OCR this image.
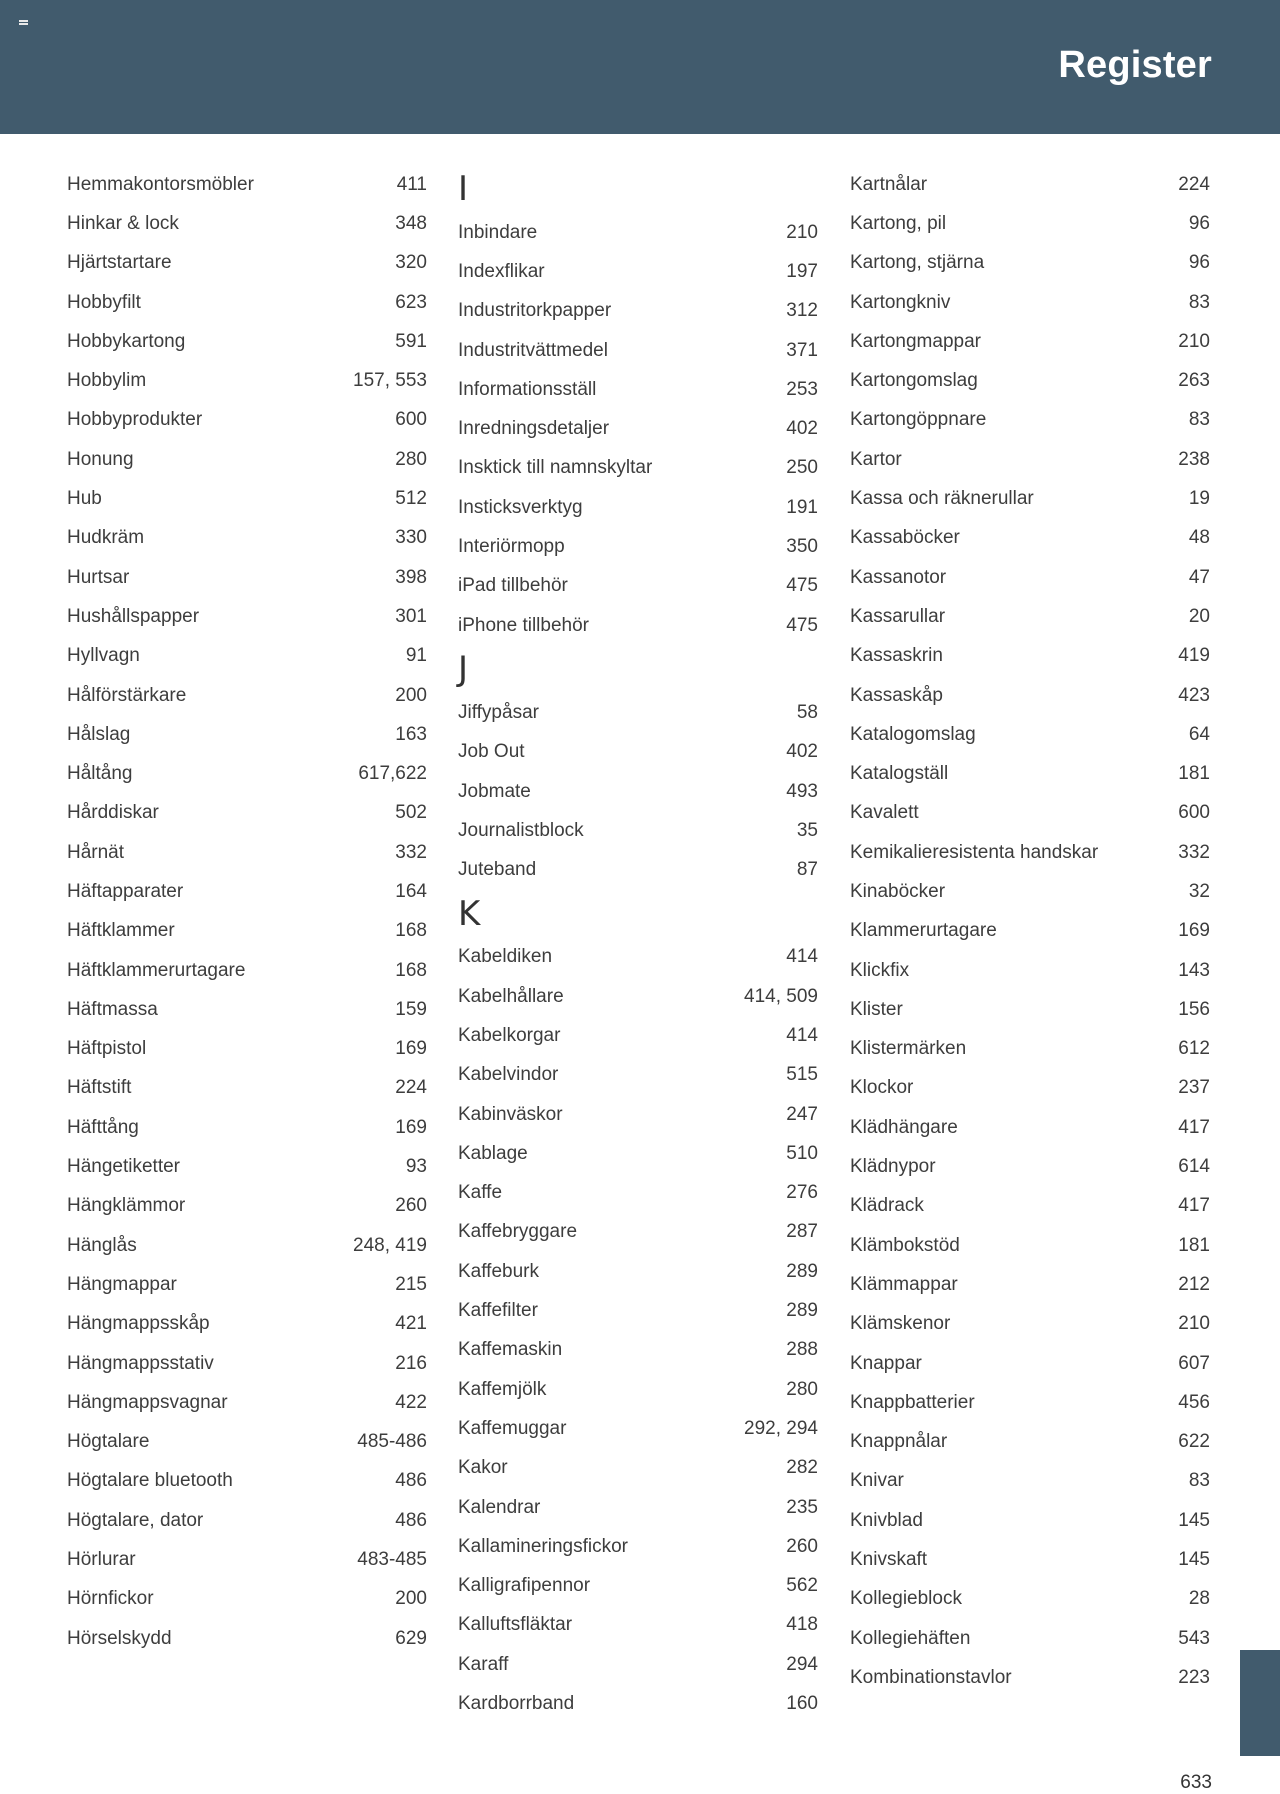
Register
Hemmakontorsmöbler	411
Hinkar & lock	348
Hjärtstartare	320
Hobbyfilt	623
Hobbykartong	591
Hobbylim	157, 553
Hobbyprodukter	600
Honung	280
Hub	512
Hudkräm	330
Hurtsar	398
Hushållspapper	301
Hyllvagn	91
Hålförstärkare	200
Hålslag	163
Håltång	617,622
Hårddiskar	502
Hårnät	332
Häftapparater	164
Häftklammer	168
Häftklammerurtagare	168
Häftmassa	159
Häftpistol	169
Häftstift	224
Häfttång	169
Hängetiketter	93
Hängklämmor	260
Hänglås	248, 419
Hängmappar	215
Hängmappsskåp	421
Hängmappsstativ	216
Hängmappsvagnar	422
Högtalare	485-486
Högtalare bluetooth	486
Högtalare, dator	486
Hörlurar	483-485
Hörnfickor	200
Hörselskydd	629
I
Inbindare	210
Indexflikar	197
Industritorkpapper	312
Industritvättmedel	371
Informationsställ	253
Inredningsdetaljer	402
Insktick till namnskyltar	250
Insticksverktyg	191
Interiörmopp	350
iPad tillbehör	475
iPhone tillbehör	475
J
Jiffypåsar	58
Job Out	402
Jobmate	493
Journalistblock	35
Juteband	87
K
Kabeldiken	414
Kabelhållare	414, 509
Kabelkorgar	414
Kabelvindor	515
Kabinväskor	247
Kablage	510
Kaffe	276
Kaffebryggare	287
Kaffeburk	289
Kaffefilter	289
Kaffemaskin	288
Kaffemjölk	280
Kaffemuggar	292, 294
Kakor	282
Kalendrar	235
Kallamineringsfickor	260
Kalligrafipennor	562
Kalluftsfläktar	418
Karaff	294
Kardborrband	160
Kartnålar	224
Kartong, pil	96
Kartong, stjärna	96
Kartongkniv	83
Kartongmappar	210
Kartongomslag	263
Kartongöppnare	83
Kartor	238
Kassa och räknerullar	19
Kassaböcker	48
Kassanotor	47
Kassarullar	20
Kassaskrin	419
Kassaskåp	423
Katalogomslag	64
Katalogställ	181
Kavalett	600
Kemikalieresistenta handskar	332
Kinaböcker	32
Klammerurtagare	169
Klickfix	143
Klister	156
Klistermärken	612
Klockor	237
Klädhängare	417
Klädnypor	614
Klädrack	417
Klämbokstöd	181
Klämmappar	212
Klämskenor	210
Knappar	607
Knappbatterier	456
Knappnålar	622
Knivar	83
Knivblad	145
Knivskaft	145
Kollegieblock	28
Kollegiehäften	543
Kombinationstavlor	223
633
